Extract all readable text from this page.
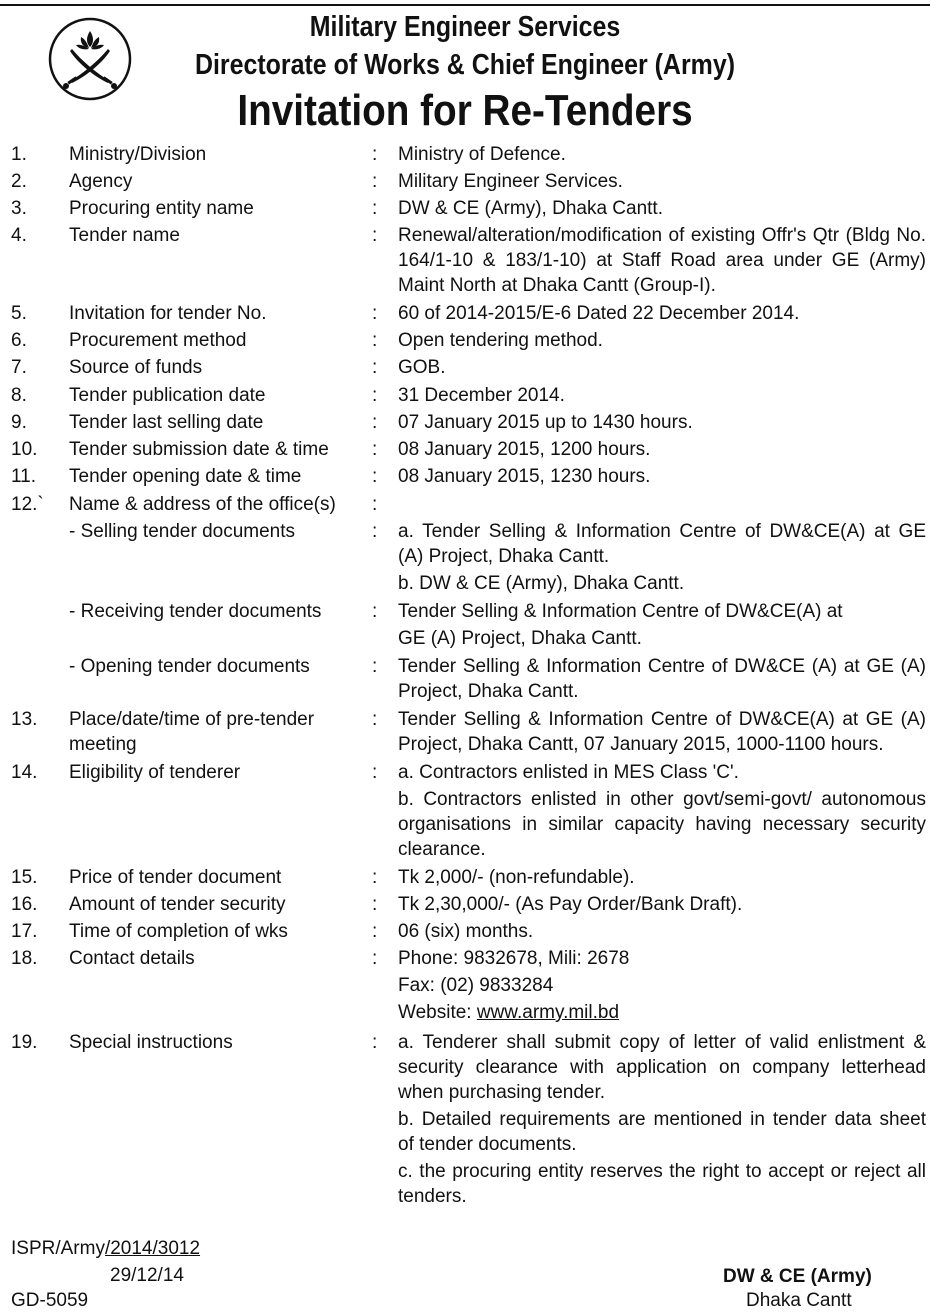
Military Engineer Services
Directorate of Works & Chief Engineer (Army)
Invitation for Re-Tenders
1. Ministry/Division	: Ministry of Defence.

2. Agency	: Military Engineer Services.

3. Procuring entity name	: DW & CE (Army), Dhaka Cantt.

4. Tender name	: Renewal/alteration/modification of existing Offr's Qtr (Bldg No. 164/1-10 & 183/1-10) at Staff Road area under GE (Army) Maint North at Dhaka Cantt (Group-I).

5. Invitation for tender No.	: 60 of 2014-2015/E-6 Dated 22 December 2014.

6. Procurement method	: Open tendering method.

7. Source of funds	: GOB.

8. Tender publication date	: 31 December 2014.

9. Tender last selling date	: 07 January 2015 up to 1430 hours.

10. Tender submission date & time	: 08 January 2015, 1200 hours.

11. Tender opening date & time	: 08 January 2015, 1230 hours.

12.` Name & address of the office(s)	:

- Selling tender documents	: a. Tender Selling & Information Centre of DW&CE(A) at GE (A) Project, Dhaka Cantt.

b. DW & CE (Army), Dhaka Cantt.

- Receiving tender documents	: Tender Selling & Information Centre of DW&CE(A) at

GE (A) Project, Dhaka Cantt.

- Opening tender documents	: Tender Selling & Information Centre of DW&CE (A) at GE (A) Project, Dhaka Cantt.

13. Place/date/time of pre-tender meeting
: Tender Selling & Information Centre of DW&CE(A) at GE (A) Project, Dhaka Cantt, 07 January 2015, 1000-1100 hours.

14. Eligibility of tenderer	: a. Contractors enlisted in MES Class 'C'.

b. Contractors enlisted in other govt/semi-govt/ autonomous organisations in similar capacity having necessary security clearance.

15. Price of tender document	: Tk 2,000/- (non-refundable).

16. Amount of tender security	: Tk 2,30,000/- (As Pay Order/Bank Draft).

17. Time of completion of wks	: 06 (six) months.

18. Contact details	: Phone: 9832678, Mili: 2678

Fax: (02) 9833284

Website: www.army.mil.bd

19. Special instructions	: a. Tenderer shall submit copy of letter of valid enlistment & security clearance with application on company letterhead when purchasing tender.

b. Detailed requirements are mentioned in tender data sheet of tender documents.

c. the procuring entity reserves the right to accept or reject all tenders.

ISPR/Army/2014/3012
29/12/14
GD-5059
DW & CE (Army)
Dhaka Cantt
